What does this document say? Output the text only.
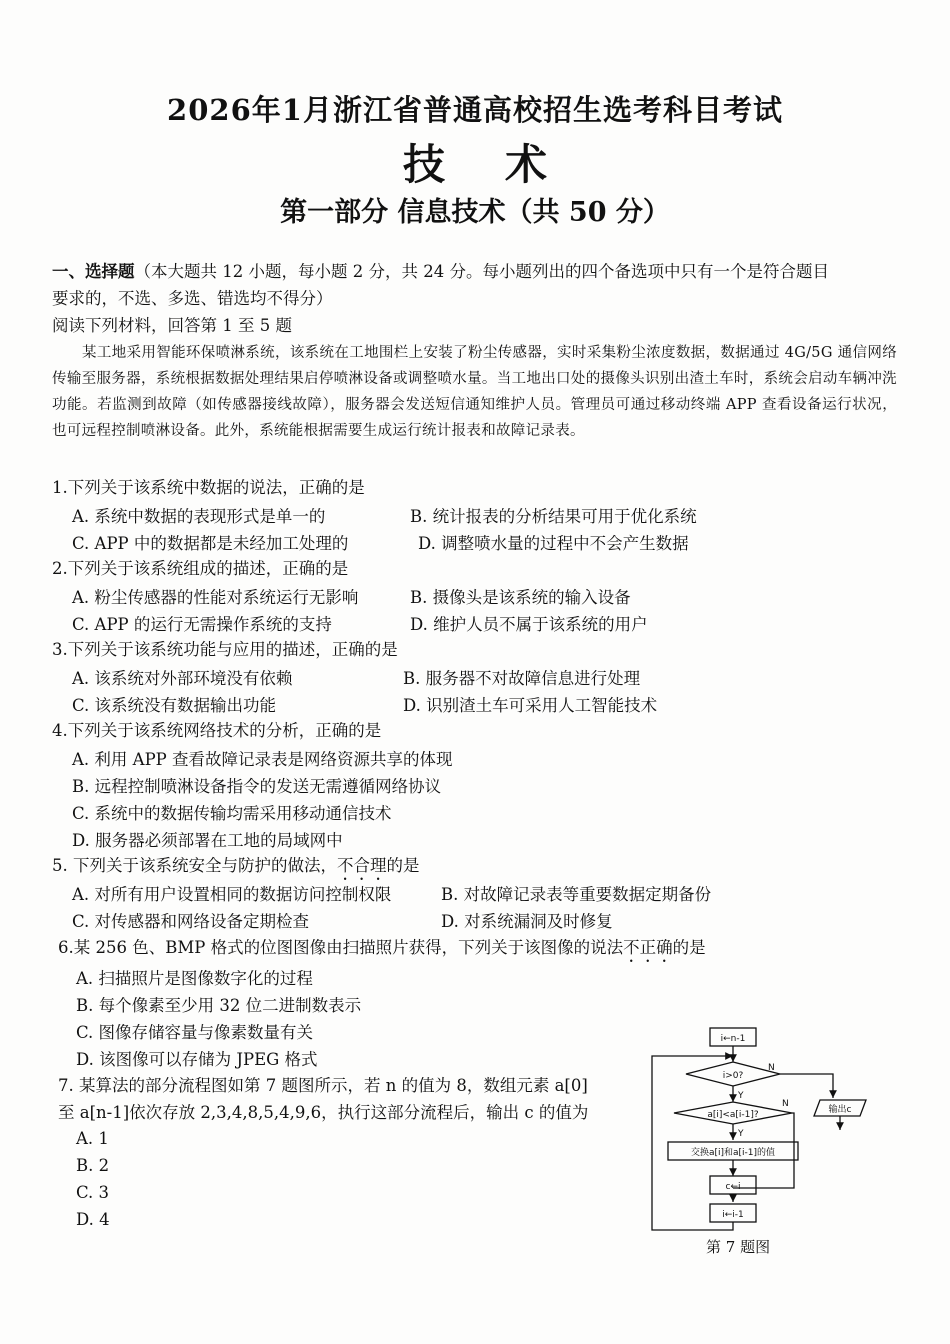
2026年1月浙江省普通高校招生选考科目考试
技术
第一部分 信息技术（共 50 分）
一、选择题（本大题共 12 小题，每小题 2 分，共 24 分。每小题列出的四个备选项中只有一个是符合题目
要求的，不选、多选、错选均不得分）
阅读下列材料，回答第 1 至 5 题
某工地采用智能环保喷淋系统，该系统在工地围栏上安装了粉尘传感器，实时采集粉尘浓度数据，数据通过 4G/5G 通信网络传输至服务器，系统根据数据处理结果启停喷淋设备或调整喷水量。当工地出口处的摄像头识别出渣土车时，系统会启动车辆冲洗功能。若监测到故障（如传感器接线故障），服务器会发送短信通知维护人员。管理员可通过移动终端 APP 查看设备运行状况，也可远程控制喷淋设备。此外，系统能根据需要生成运行统计报表和故障记录表。
1.下列关于该系统中数据的说法，正确的是
A. 系统中数据的表现形式是单一的	B. 统计报表的分析结果可用于优化系统
C. APP 中的数据都是未经加工处理的	D. 调整喷水量的过程中不会产生数据
2.下列关于该系统组成的描述，正确的是
A. 粉尘传感器的性能对系统运行无影响	B. 摄像头是该系统的输入设备
C. APP 的运行无需操作系统的支持	D. 维护人员不属于该系统的用户
3.下列关于该系统功能与应用的描述，正确的是
A. 该系统对外部环境没有依赖	B. 服务器不对故障信息进行处理
C. 该系统没有数据输出功能	D. 识别渣土车可采用人工智能技术
4.下列关于该系统网络技术的分析，正确的是
A. 利用 APP 查看故障记录表是网络资源共享的体现
B. 远程控制喷淋设备指令的发送无需遵循网络协议
C. 系统中的数据传输均需采用移动通信技术
D. 服务器必须部署在工地的局域网中
5. 下列关于该系统安全与防护的做法，不合理的是
A. 对所有用户设置相同的数据访问控制权限	B. 对故障记录表等重要数据定期备份
C. 对传感器和网络设备定期检查	D. 对系统漏洞及时修复
6.某 256 色、BMP 格式的位图图像由扫描照片获得，下列关于该图像的说法不正确的是
A. 扫描照片是图像数字化的过程
B. 每个像素至少用 32 位二进制数表示
C. 图像存储容量与像素数量有关
D. 该图像可以存储为 JPEG 格式
7. 某算法的部分流程图如第 7 题图所示，若 n 的值为 8，数组元素 a[0]
至 a[n-1]依次存放 2,3,4,8,5,4,9,6，执行这部分流程后，输出 c 的值为
A. 1
B. 2
C. 3
D. 4
i←n-1
i>0?
a[i]<a[i-1]?
交换a[i]和a[i-1]的值
c←i
i←i-1
输出c
Y
Y
N
N
第 7 题图
